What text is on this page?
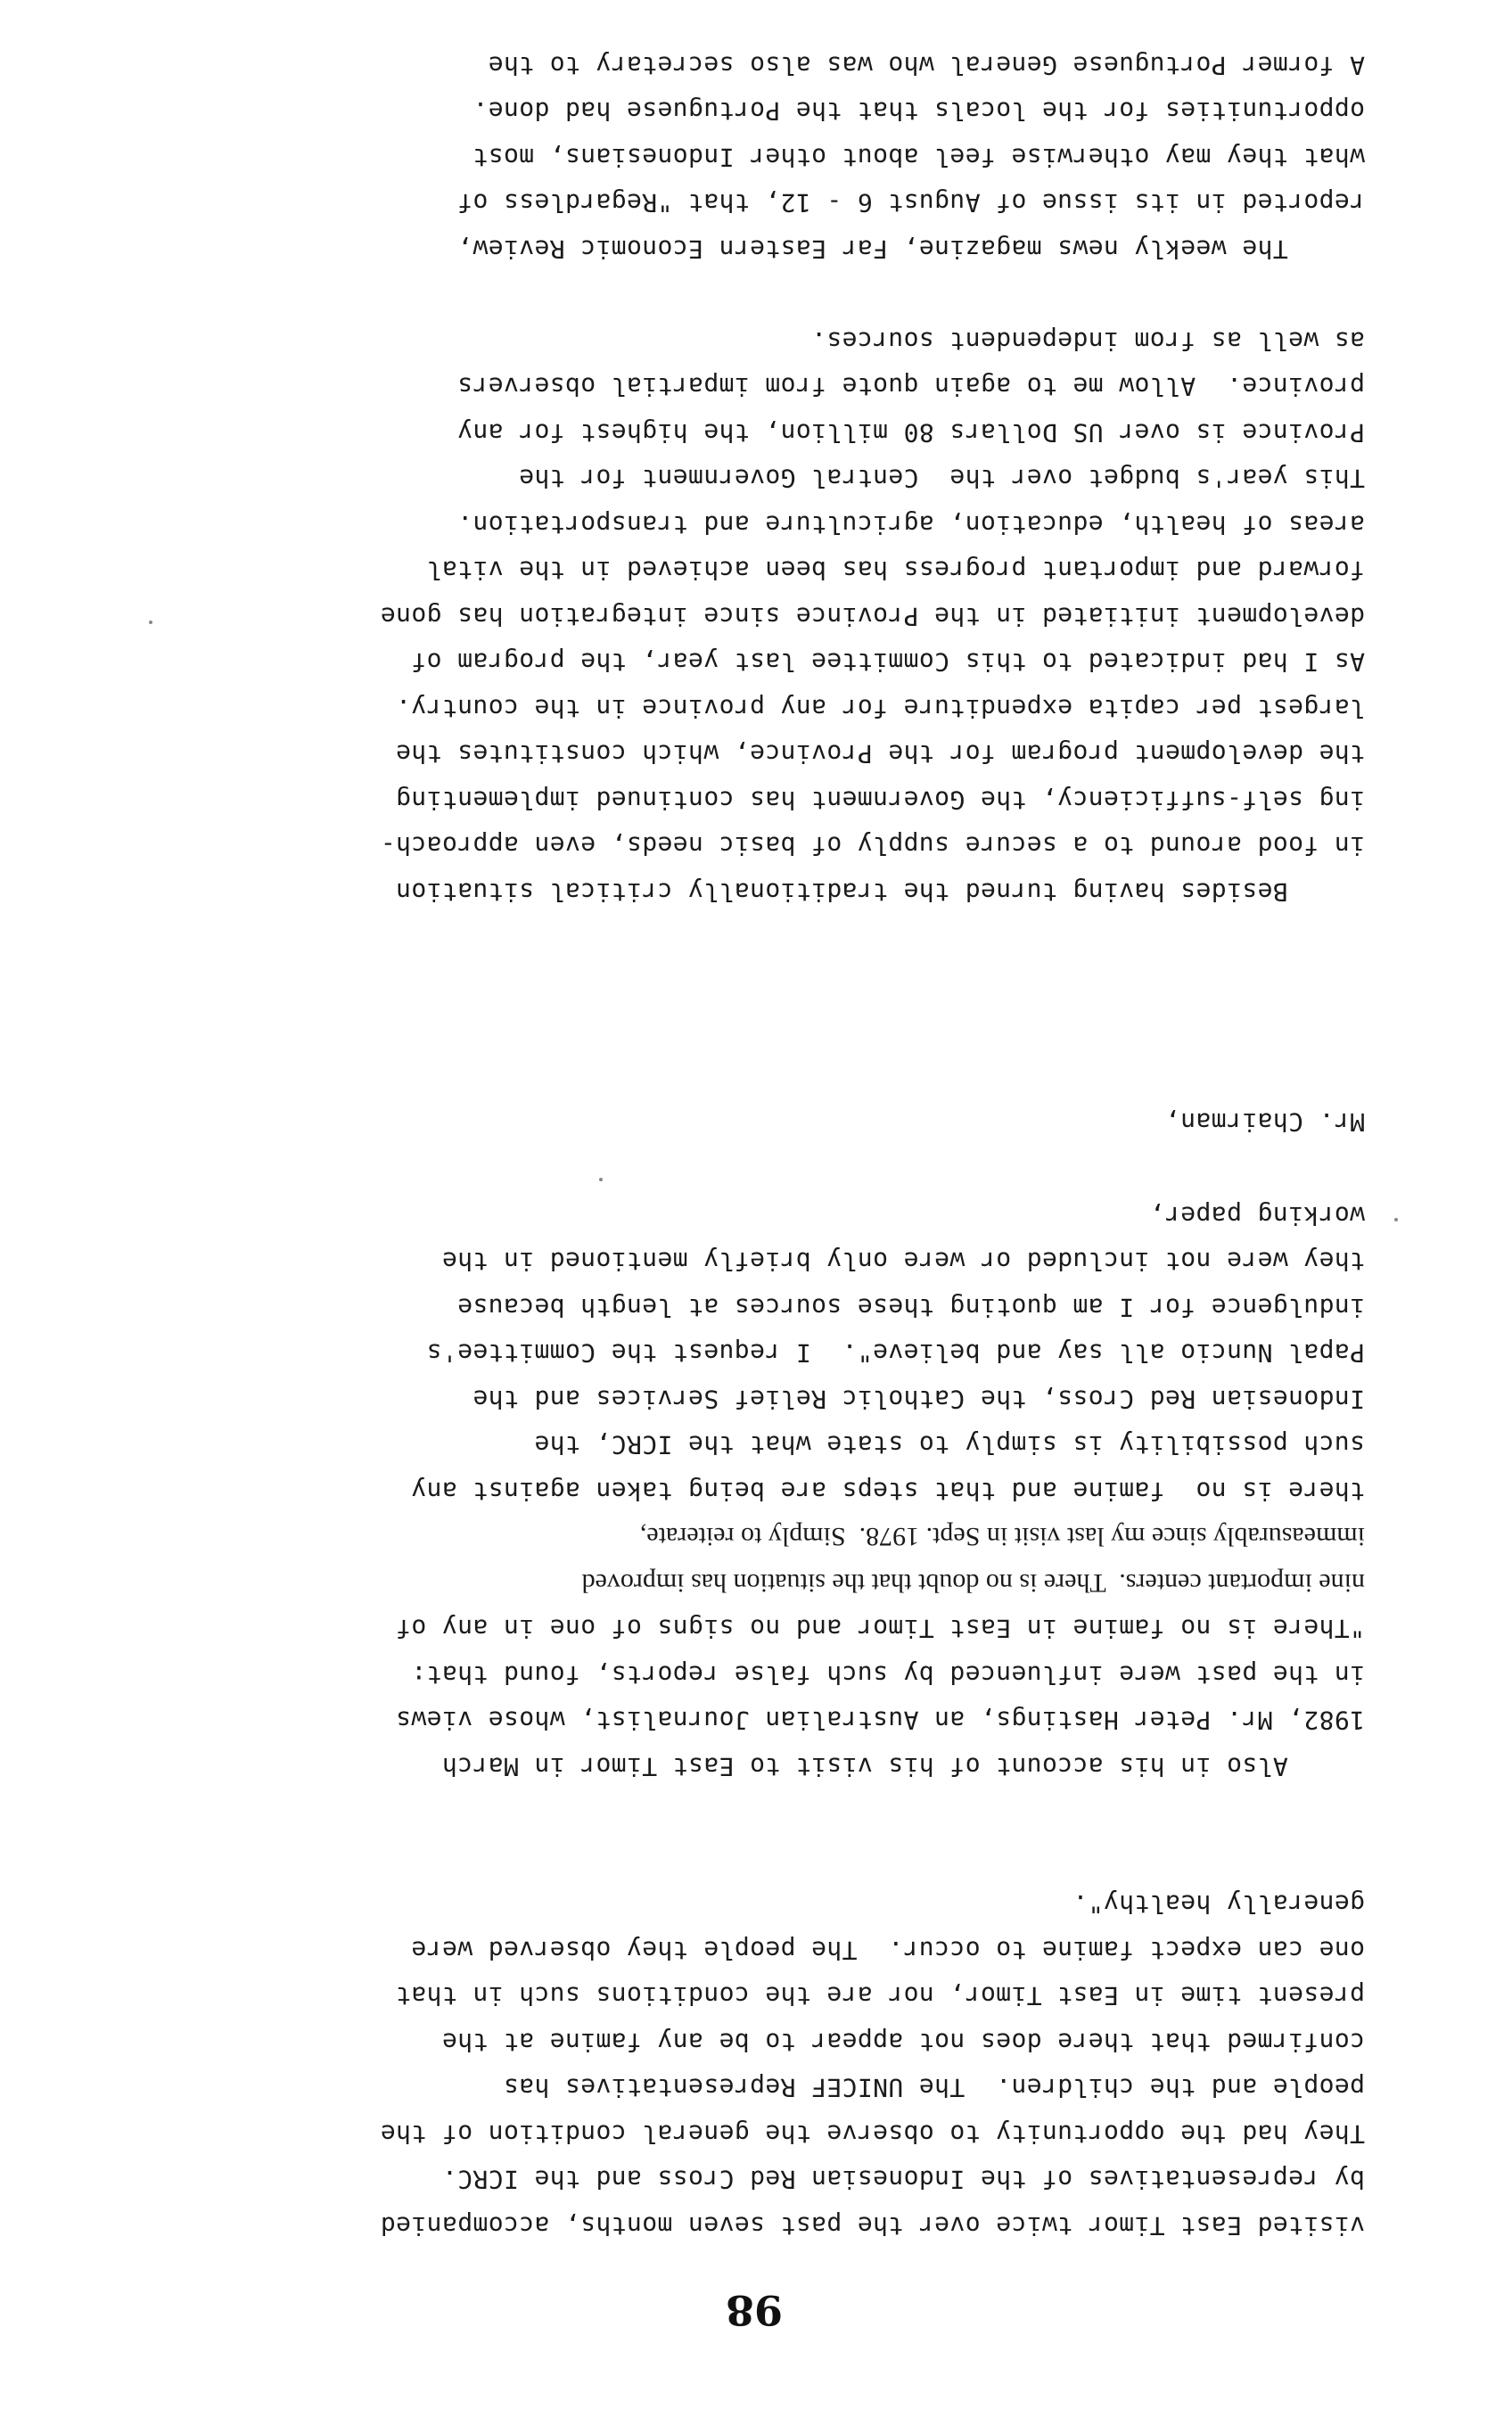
98
visited East Timor twice over the past seven months, accompanied
by representatives of the Indonesian Red Cross and the ICRC.
They had the opportunity to observe the general condition of the
people and the children.  The UNICEF Representatives has
confirmed that there does not appear to be any famine at the
present time in East Timor, nor are the conditions such in that
one can expect famine to occur.  The people they observed were
generally healthy".
Also in his account of his visit to East Timor in March
1982, Mr. Peter Hastings, an Australian Journalist, whose views
in the past were influenced by such false reports, found that:
"There is no famine in East Timor and no signs of one in any of
nine important centers.  There is no doubt that the situation has improved
immeasurably since my last visit in Sept. 1978.  Simply to reiterate,
there is no  famine and that steps are being taken against any
such possibility is simply to state what the ICRC, the
Indonesian Red Cross, the Catholic Relief Services and the
Papal Nuncio all say and believe".  I request the Committee's
indulgence for I am quoting these sources at length because
they were not included or were only briefly mentioned in the
working paper,
Mr. Chairman,
Besides having turned the traditionally critical situation
in food around to a secure supply of basic needs, even approach-
ing self-sufficiency, the Government has continued implementing
the development program for the Province, which constitutes the
largest per capita expenditure for any province in the country.
As I had indicated to this Committee last year, the program of
development initiated in the Province since integration has gone
forward and important progress has been achieved in the vital
areas of health, education, agriculture and transportation.
This year's budget over the  Central Government for the
Province is over US Dollars 80 million, the highest for any
province.  Allow me to again quote from impartial observers
as well as from independent sources.
The weekly news magazine, Far Eastern Economic Review,
reported in its issue of August 6 - 12, that "Regardless of
what they may otherwise feel about other Indonesians, most
opportunities for the locals that the Portuguese had done.
A former Portuguese General who was also secretary to the
